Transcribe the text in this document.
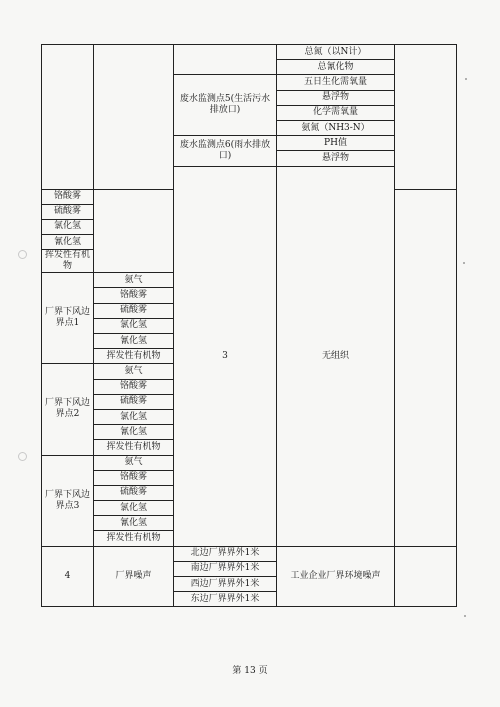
			总氮（以N计）		
			总氰化物		
		废水监测点5(生活污水排放口)	五日生化需氧量		
			悬浮物		
			化学需氧量		
			氨氮（NH3-N）		
		废水监测点6(雨水排放口)	PH值		
			悬浮物		
		3	无组织			
铬酸雾					
硫酸雾					
氯化氢					
氰化氢					
挥发性有机物					
厂界下风边界点1	氨气				
	铬酸雾				
	硫酸雾				
	氯化氢				
	氰化氢				
	挥发性有机物				
厂界下风边界点2	氨气				
	铬酸雾				
	硫酸雾				
	氯化氢				
	氰化氢				
	挥发性有机物				
厂界下风边界点3	氨气				
	铬酸雾				
	硫酸雾				
	氯化氢				
	氰化氢				
	挥发性有机物				
4	厂界噪声	北边厂界界外1米	工业企业厂界环境噪声		
		南边厂界界外1米			
		西边厂界界外1米			
		东边厂界界外1米			
第 13 页
